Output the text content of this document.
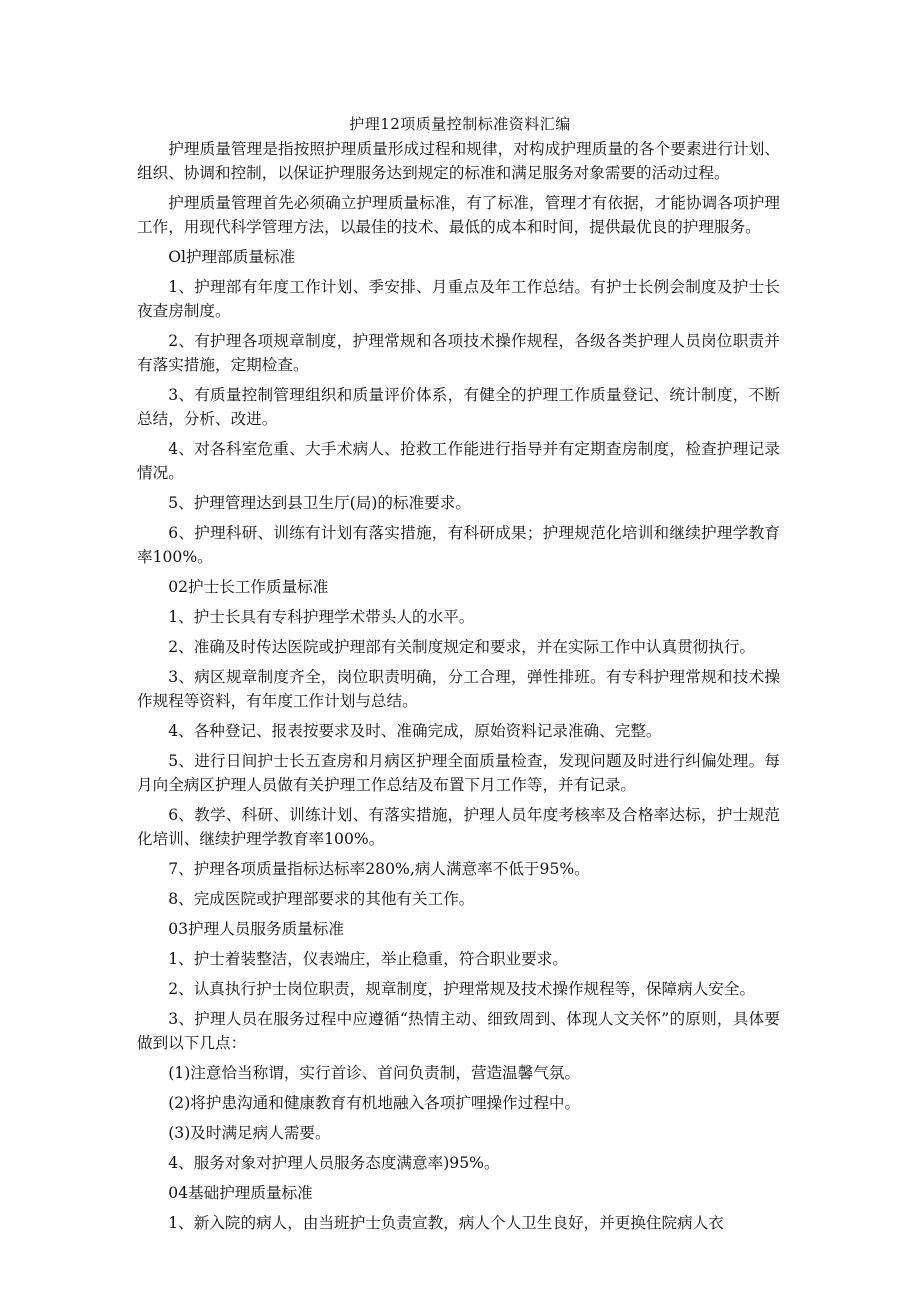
护理12项质量控制标准资料汇编

护理质量管理是指按照护理质量形成过程和规律，对构成护理质量的各个要素进行计划、组织、协调和控制，以保证护理服务达到规定的标准和满足服务对象需要的活动过程。

护理质量管理首先必须确立护理质量标准，有了标准，管理才有依据，才能协调各项护理工作，用现代科学管理方法，以最佳的技术、最低的成本和时间，提供最优良的护理服务。

Ol护理部质量标准

1、护理部有年度工作计划、季安排、月重点及年工作总结。有护士长例会制度及护士长夜查房制度。

2、有护理各项规章制度，护理常规和各项技术操作规程，各级各类护理人员岗位职责并有落实措施，定期检查。

3、有质量控制管理组织和质量评价体系，有健全的护理工作质量登记、统计制度，不断总结，分析、改进。

4、对各科室危重、大手术病人、抢救工作能进行指导并有定期查房制度，检查护理记录情况。

5、护理管理达到县卫生厅(局)的标准要求。

6、护理科研、训练有计划有落实措施，有科研成果；护理规范化培训和继续护理学教育率100%。

02护士长工作质量标准

1、护士长具有专科护理学术带头人的水平。

2、准确及时传达医院或护理部有关制度规定和要求，并在实际工作中认真贯彻执行。

3、病区规章制度齐全，岗位职责明确，分工合理，弹性排班。有专科护理常规和技术操作规程等资料，有年度工作计划与总结。

4、各种登记、报表按要求及时、准确完成，原始资料记录准确、完整。

5、进行日间护士长五查房和月病区护理全面质量检查，发现问题及时进行纠偏处理。每月向全病区护理人员做有关护理工作总结及布置下月工作等，并有记录。

6、教学、科研、训练计划、有落实措施，护理人员年度考核率及合格率达标，护士规范化培训、继续护理学教育率100%。

7、护理各项质量指标达标率280%,病人满意率不低于95%。

8、完成医院或护理部要求的其他有关工作。

03护理人员服务质量标准

1、护士着装整洁，仪表端庄，举止稳重，符合职业要求。

2、认真执行护士岗位职责，规章制度，护理常规及技术操作规程等，保障病人安全。

3、护理人员在服务过程中应遵循“热情主动、细致周到、体现人文关怀”的原则，具体要做到以下几点：

(1)注意恰当称谓，实行首诊、首问负责制，营造温馨气氛。

(2)将护患沟通和健康教育有机地融入各项扩哩操作过程中。

(3)及时满足病人需要。

4、服务对象对护理人员服务态度满意率)95%。

04基础护理质量标准

1、新入院的病人，由当班护士负责宣教，病人个人卫生良好，并更换住院病人衣
